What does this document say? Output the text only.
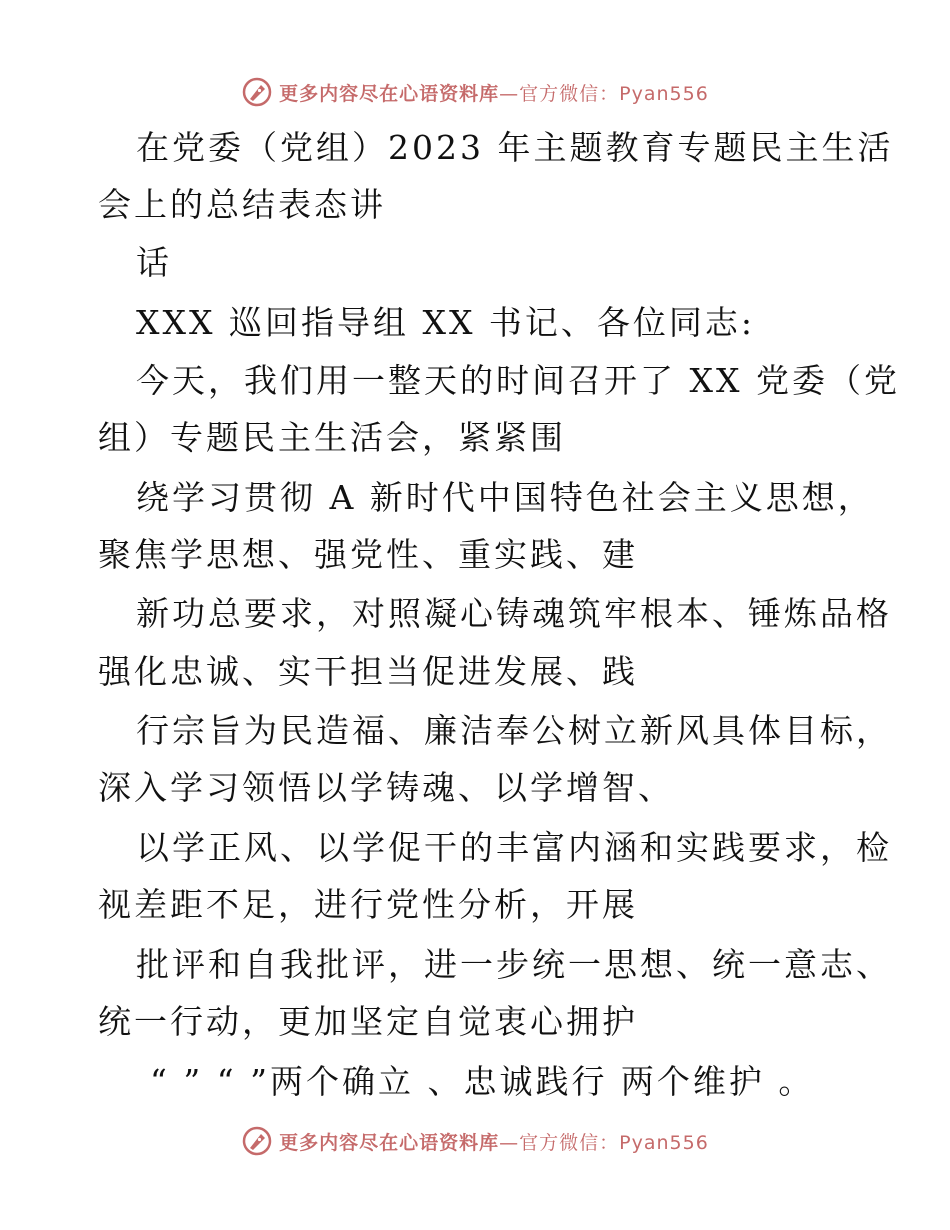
更多内容尽在心语资料库 —官方微信：Pyan556
在党委（党组）2023 年主题教育专题民主生活
会上的总结表态讲
话
XXX 巡回指导组 XX 书记、各位同志:
今天，我们用一整天的时间召开了 XX 党委（党
组）专题民主生活会，紧紧围
绕学习贯彻 A 新时代中国特色社会主义思想，
聚焦学思想、强党性、重实践、建
新功总要求，对照凝心铸魂筑牢根本、锤炼品格
强化忠诚、实干担当促进发展、践
行宗旨为民造福、廉洁奉公树立新风具体目标，
深入学习领悟以学铸魂、以学增智、
以学正风、以学促干的丰富内涵和实践要求，检
视差距不足，进行党性分析，开展
批评和自我批评，进一步统一思想、统一意志、
统一行动，更加坚定自觉衷心拥护
“ ” “ ”两个确立 、忠诚践行 两个维护 。
更多内容尽在心语资料库 —官方微信：Pyan556
